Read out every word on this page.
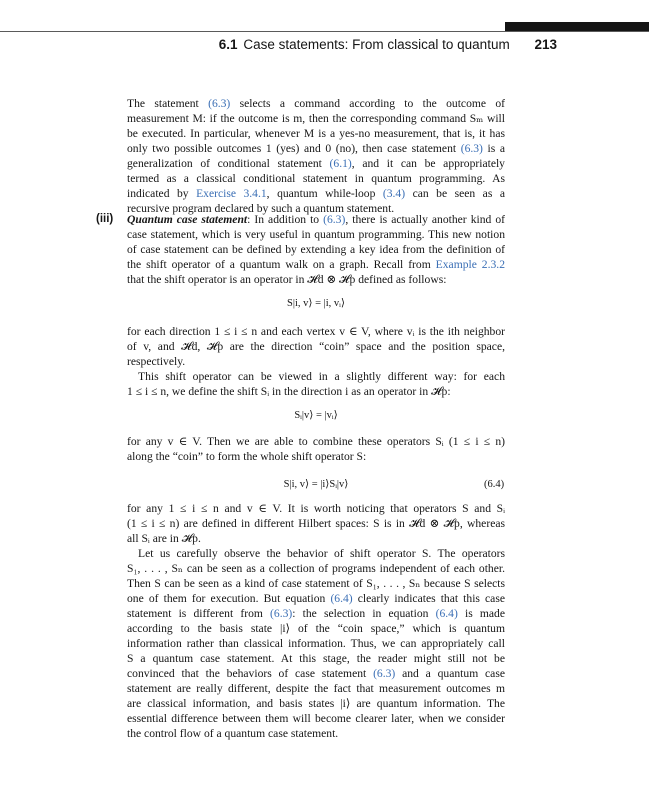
6.1 Case statements: From classical to quantum 213
The statement (6.3) selects a command according to the outcome of
measurement M: if the outcome is m, then the corresponding command Sₘ will
be executed. In particular, whenever M is a yes-no measurement, that is, it has
only two possible outcomes 1 (yes) and 0 (no), then case statement (6.3) is a
generalization of conditional statement (6.1), and it can be appropriately
termed as a classical conditional statement in quantum programming. As
indicated by Exercise 3.4.1, quantum while-loop (3.4) can be seen as a
recursive program declared by such a quantum statement.
(iii) Quantum case statement: In addition to (6.3), there is actually another kind of
case statement, which is very useful in quantum programming. This new notion
of case statement can be defined by extending a key idea from the definition of
the shift operator of a quantum walk on a graph. Recall from Example 2.3.2
that the shift operator is an operator in 𝓗d ⊗ 𝓗p defined as follows:
S|i, v⟩ = |i, vᵢ⟩
for each direction 1 ≤ i ≤ n and each vertex v ∈ V, where vᵢ is the ith neighbor
of v, and 𝓗d, 𝓗p are the direction “coin” space and the position space,
respectively.
This shift operator can be viewed in a slightly different way: for each
1 ≤ i ≤ n, we define the shift Sᵢ in the direction i as an operator in 𝓗p:
Sᵢ|v⟩ = |vᵢ⟩
for any v ∈ V. Then we are able to combine these operators Sᵢ (1 ≤ i ≤ n)
along the “coin” to form the whole shift operator S:
S|i, v⟩ = |i⟩Sᵢ|v⟩	(6.4)
for any 1 ≤ i ≤ n and v ∈ V. It is worth noticing that operators S and Sᵢ
(1 ≤ i ≤ n) are defined in different Hilbert spaces: S is in 𝓗d ⊗ 𝓗p, whereas
all Sᵢ are in 𝓗p.
Let us carefully observe the behavior of shift operator S. The operators
S₁, . . . , Sₙ can be seen as a collection of programs independent of each other.
Then S can be seen as a kind of case statement of S₁, . . . , Sₙ because S selects
one of them for execution. But equation (6.4) clearly indicates that this case
statement is different from (6.3): the selection in equation (6.4) is made
according to the basis state |i⟩ of the “coin space,” which is quantum
information rather than classical information. Thus, we can appropriately call
S a quantum case statement. At this stage, the reader might still not be
convinced that the behaviors of case statement (6.3) and a quantum case
statement are really different, despite the fact that measurement outcomes m
are classical information, and basis states |i⟩ are quantum information. The
essential difference between them will become clearer later, when we consider
the control flow of a quantum case statement.
